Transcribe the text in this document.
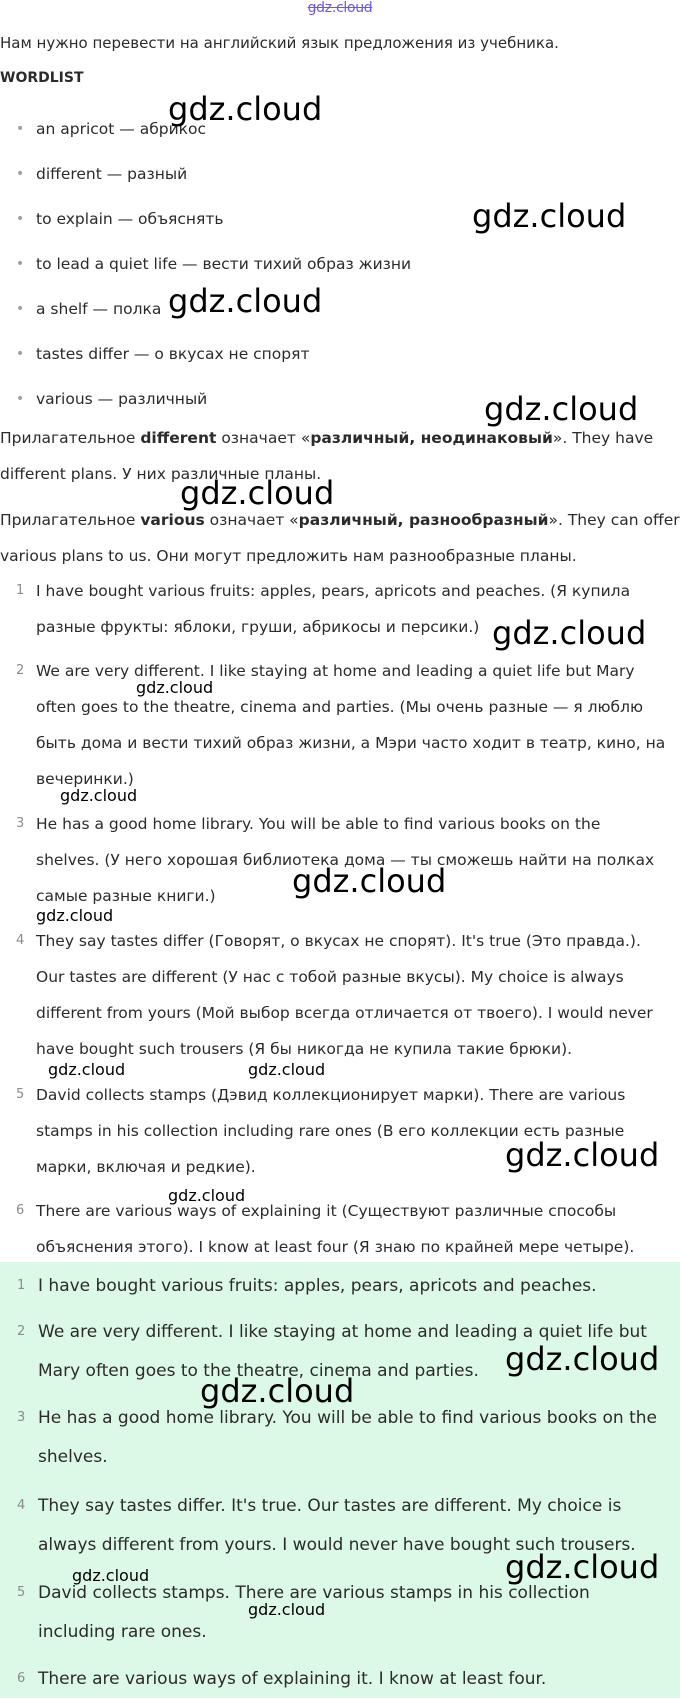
gdz.cloud
Нам нужно перевести на английский язык предложения из учебника.
WORDLIST
• an apricot — абрикос
• different — разный
• to explain — объяснять
• to lead a quiet life — вести тихий образ жизни
• a shelf — полка
• tastes differ — о вкусах не спорят
• various — различный
Прилагательное different означает «различный, неодинаковый». They have
different plans. У них различные планы.
Прилагательное various означает «различный, разнообразный». They can offer
various plans to us. Они могут предложить нам разнообразные планы.
1 I have bought various fruits: apples, pears, apricots and peaches. (Я купила
разные фрукты: яблоки, груши, абрикосы и персики.)
2 We are very different. I like staying at home and leading a quiet life but Mary
often goes to the theatre, cinema and parties. (Мы очень разные — я люблю
быть дома и вести тихий образ жизни, а Мэри часто ходит в театр, кино, на
вечеринки.)
3 He has a good home library. You will be able to find various books on the
shelves. (У него хорошая библиотека дома — ты сможешь найти на полках
самые разные книги.)
4 They say tastes differ (Говорят, о вкусах не спорят). It's true (Это правда.).
Our tastes are different (У нас с тобой разные вкусы). My choice is always
different from yours (Мой выбор всегда отличается от твоего). I would never
have bought such trousers (Я бы никогда не купила такие брюки).
5 David collects stamps (Дэвид коллекционирует марки). There are various
stamps in his collection including rare ones (В его коллекции есть разные
марки, включая и редкие).
6 There are various ways of explaining it (Существуют различные способы
объяснения этого). I know at least four (Я знаю по крайней мере четыре).
1 I have bought various fruits: apples, pears, apricots and peaches.
2 We are very different. I like staying at home and leading a quiet life but
Mary often goes to the theatre, cinema and parties.
3 He has a good home library. You will be able to find various books on the
shelves.
4 They say tastes differ. It's true. Our tastes are different. My choice is
always different from yours. I would never have bought such trousers.
5 David collects stamps. There are various stamps in his collection
including rare ones.
6 There are various ways of explaining it. I know at least four.
gdz.cloud
gdz.cloud
gdz.cloud
gdz.cloud
gdz.cloud
gdz.cloud
gdz.cloud
gdz.cloud
gdz.cloud
gdz.cloud
gdz.cloud	gdz.cloud
gdz.cloud
gdz.cloud
gdz.cloud
gdz.cloud
gdz.cloud
gdz.cloud
gdz.cloud
